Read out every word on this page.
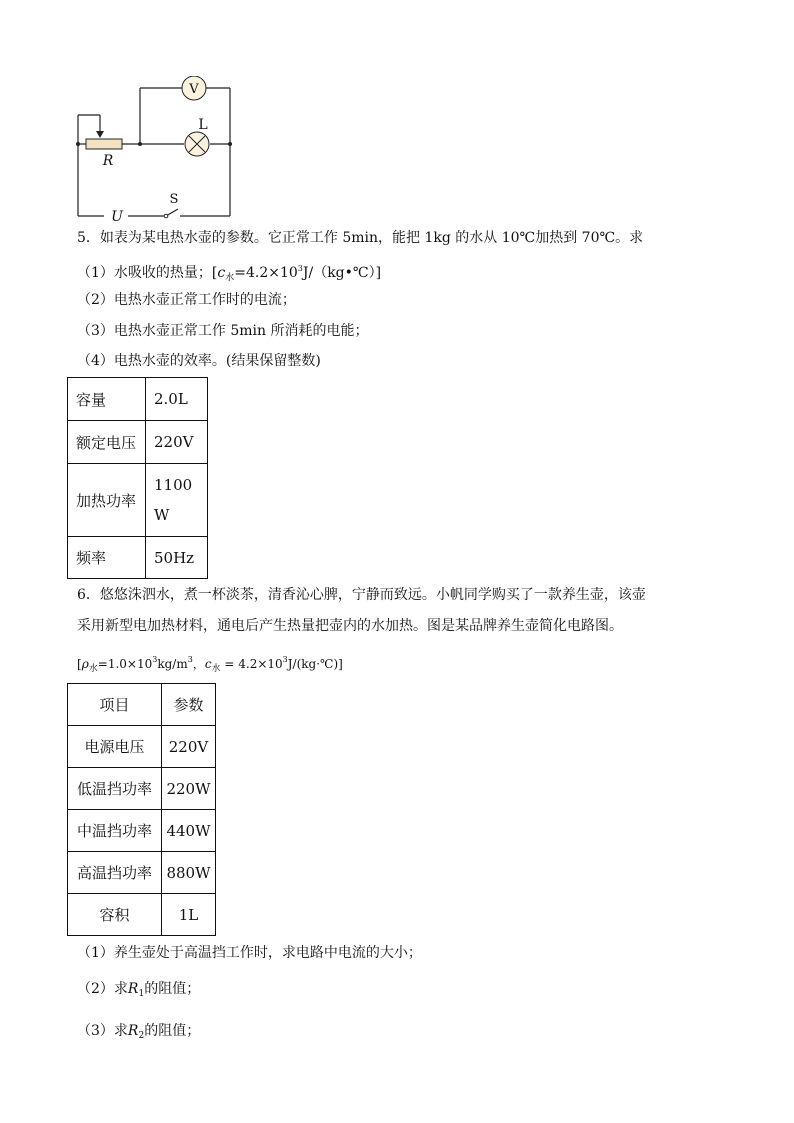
V
L
R
S
U
5．如表为某电热水壶的参数。它正常工作 5min，能把 1kg 的水从 10℃加热到 70℃。求
（1）水吸收的热量；$[c_水=4.2\times 10^3J/(kg•℃)]$
（2）电热水壶正常工作时的电流；
（3）电热水壶正常工作 5min 所消耗的电能；
（4）电热水壶的效率。(结果保留整数)
容量	2.0L
额定电压	220V
加热功率	1100
W
频率	50Hz
6．悠悠洙泗水，煮一杯淡茶，清香沁心脾，宁静而致远。小帆同学购买了一款养生壶，该壶
采用新型电加热材料，通电后产生热量把壶内的水加热。图是某品牌养生壶简化电路图。
[$\rho_水=1.0\times 10^3kg/m^3$，$c_水$ = $4.2\times 10^3J/(kg\cdot℃)$]
项目	参数
电源电压	220V
低温挡功率	220W
中温挡功率	440W
高温挡功率	880W
容积	1L
（1）养生壶处于高温挡工作时，求电路中电流的大小；
（2）求$R_1$的阻值；
（3）求$R_2$的阻值；
